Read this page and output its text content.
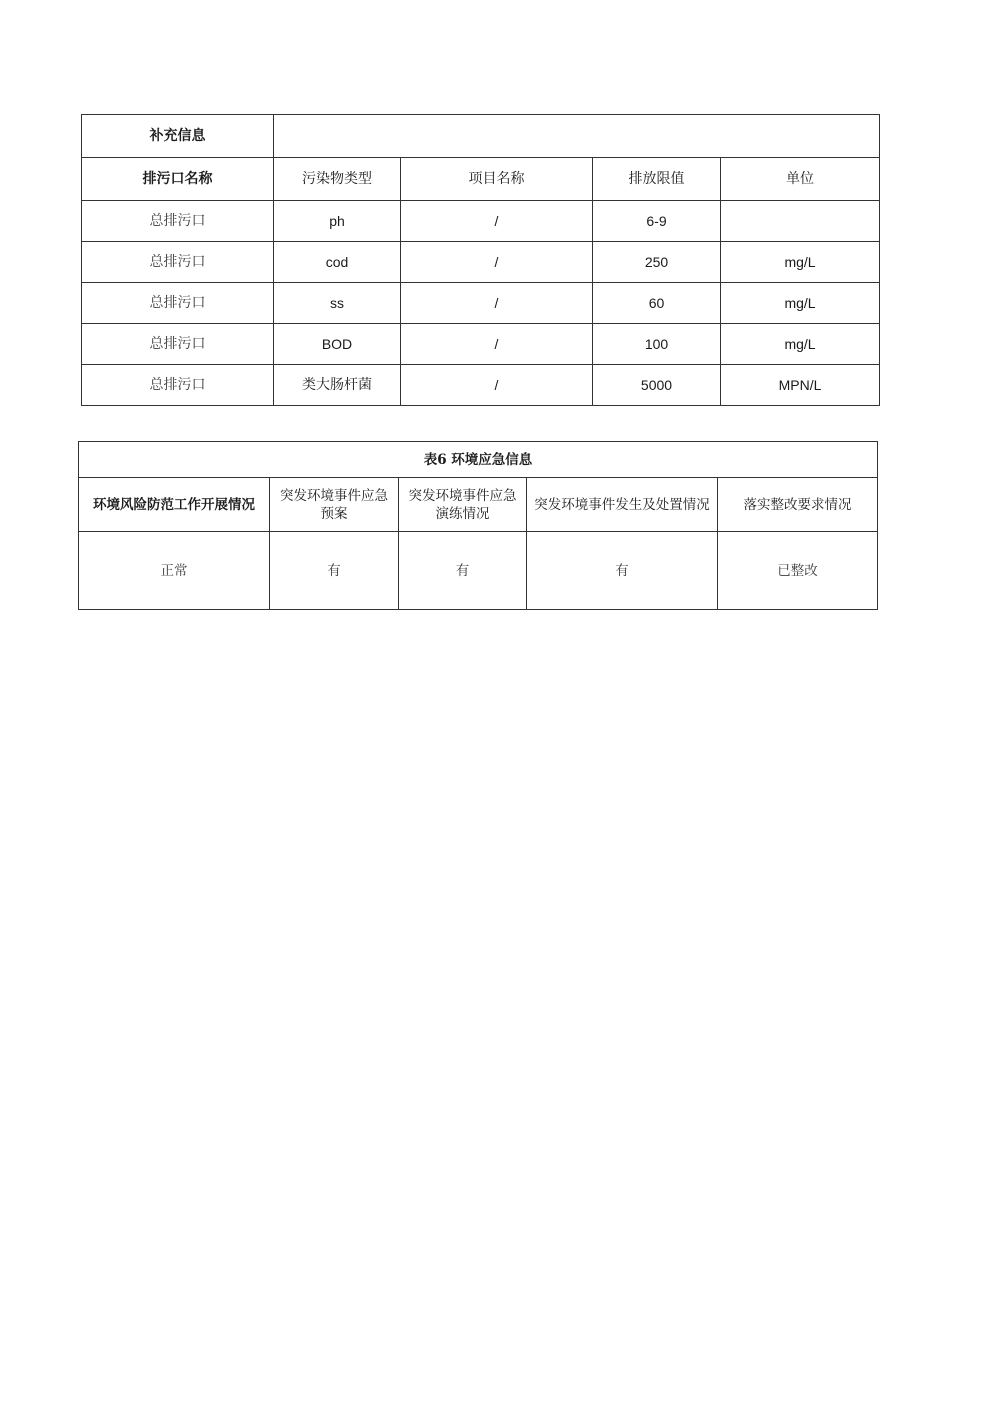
补充信息				
排污口名称	污染物类型	项目名称	排放限值	单位
总排污口	ph	/	6-9	
总排污口	cod	/	250	mg/L
总排污口	ss	/	60	mg/L
总排污口	BOD	/	100	mg/L
总排污口	类大肠杆菌	/	5000	MPN/L
表6 环境应急信息				
环境风险防范工作开展情况	突发环境事件应急预案	突发环境事件应急演练情况	突发环境事件发生及处置情况	落实整改要求情况
正常	有	有	有	已整改
